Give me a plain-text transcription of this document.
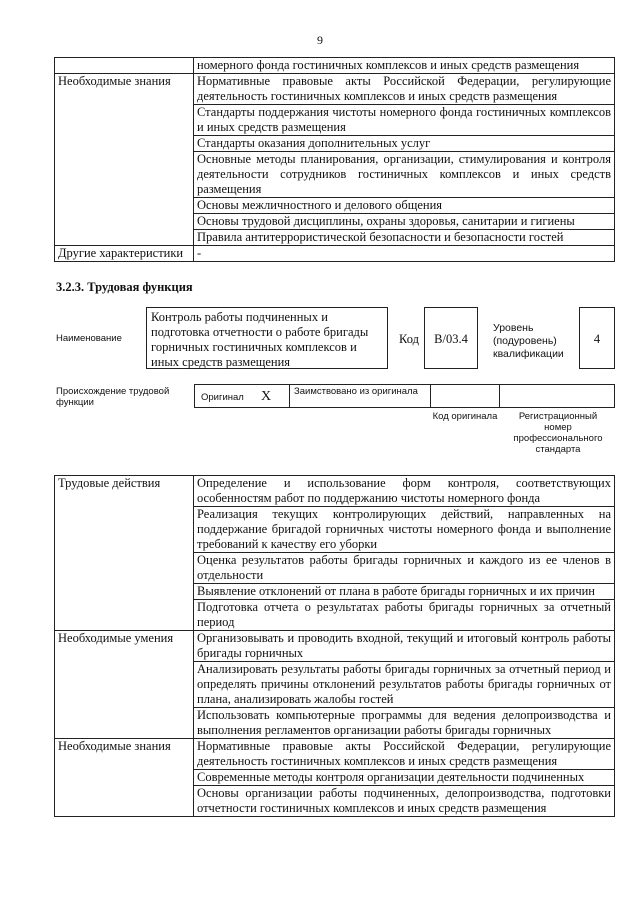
9
	номерного фонда гостиничных комплексов и иных средств размещения
Необходимые знания	Нормативные правовые акты Российской Федерации, регулирующие деятельность гостиничных комплексов и иных средств размещения
	Стандарты поддержания чистоты номерного фонда гостиничных комплексов и иных средств размещения
	Стандарты оказания дополнительных услуг
	Основные методы планирования, организации, стимулирования и контроля деятельности сотрудников гостиничных комплексов и иных средств размещения
	Основы межличностного и делового общения
	Основы трудовой дисциплины, охраны здоровья, санитарии и гигиены
	Правила антитеррористической безопасности и безопасности гостей
Другие характеристики	-
3.2.3. Трудовая функция
Наименование
Контроль работы подчиненных и подготовка отчетности о работе бригады горничных гостиничных комплексов и иных средств размещения
Код	В/03.4
Уровень (подуровень) квалификации
4
Происхождение трудовой функции	Оригинал X Заимствовано из оригинала
Код оригинала	Регистрационный номер профессионального стандарта
Трудовые действия	Определение и использование форм контроля, соответствующих особенностям работ по поддержанию чистоты номерного фонда
	Реализация текущих контролирующих действий, направленных на поддержание бригадой горничных чистоты номерного фонда и выполнение требований к качеству его уборки
	Оценка результатов работы бригады горничных и каждого из ее членов в отдельности
	Выявление отклонений от плана в работе бригады горничных и их причин
	Подготовка отчета о результатах работы бригады горничных за отчетный период
Необходимые умения	Организовывать и проводить входной, текущий и итоговый контроль работы бригады горничных
	Анализировать результаты работы бригады горничных за отчетный период и определять причины отклонений результатов работы бригады горничных от плана, анализировать жалобы гостей
	Использовать компьютерные программы для ведения делопроизводства и выполнения регламентов организации работы бригады горничных
Необходимые знания	Нормативные правовые акты Российской Федерации, регулирующие деятельность гостиничных комплексов и иных средств размещения
	Современные методы контроля организации деятельности подчиненных
	Основы организации работы подчиненных, делопроизводства, подготовки отчетности гостиничных комплексов и иных средств размещения
